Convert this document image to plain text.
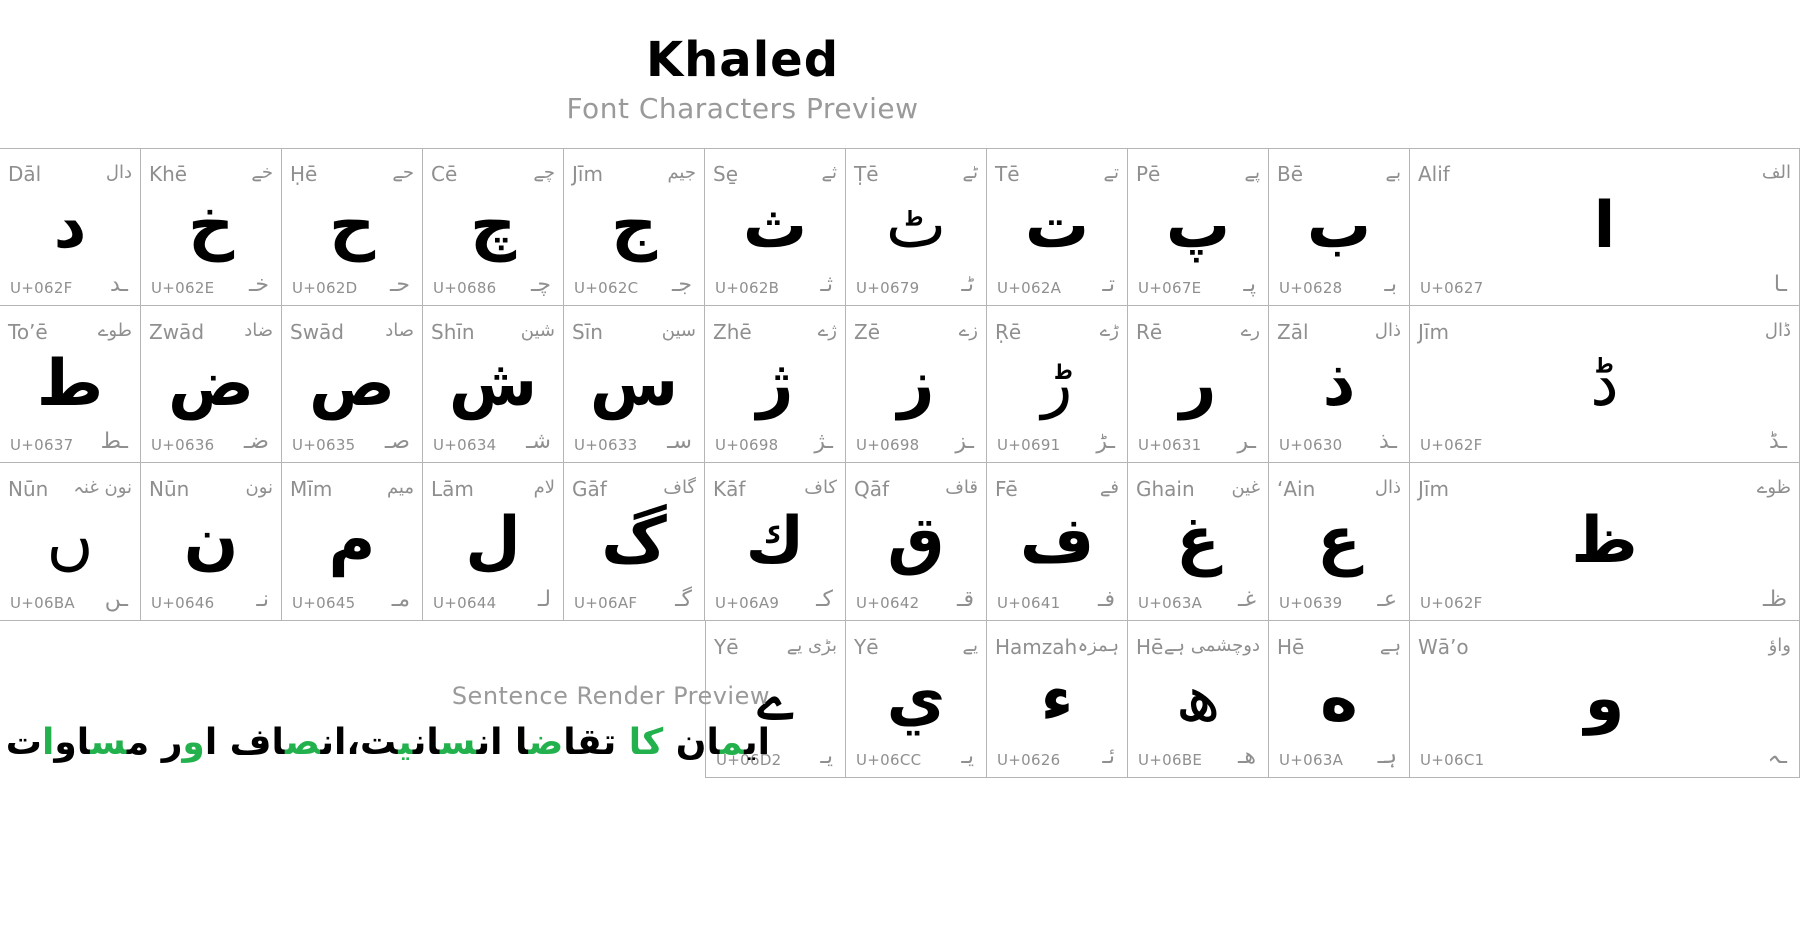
Khaled
Font Characters Preview
Dāl	دال
د
U+062F ـد
Khē	خے
خ
U+062E خـ
Ḥē	حے
ح
U+062D حـ
Cē	چے
چ
U+0686 چـ
Jīm	جیم
ج
U+062C جـ
Se̱	ثے
ث
U+062B ثـ
Ṭē	ٹے
ٹ
U+0679 ٹـ
Tē	تے
ت
U+062A تـ
Pē	پے
پ
U+067E پـ
Bē	بے
ب
U+0628 بـ
Alif	الف
ا
U+0627	ـا
To’ē	طوے
ط
U+0637 ـط
Zwād ضاد
ض
U+0636 ضـ
Swād صاد
ص
U+0635 صـ
Shīn	شین
ش
U+0634 شـ
Sīn	سین
س
U+0633 سـ
Zhē	ژے
ژ
U+0698 ـژ
Zē	زے
ز
U+0698 ـز
Ṛē	ڑے
ڑ
U+0691 ـڑ
Rē	رے
ر
U+0631 ـر
Zāl	ذال
ذ
U+0630 ـذ
Jīm	ڈال
ڈ
U+062F	ـڈ
Nūn نون غنہ
ں
U+06BA ـں
Nūn	نون
ن
U+0646 نـ
Mīm	میم
م
U+0645 مـ
Lām	لام
ل
U+0644 لـ
Gāf	گاف
گ
U+06AF گـ
Kāf	کاف
ك
U+06A9 کـ
Qāf	قاف
ق
U+0642 قـ
Fē	فے
ف
U+0641 فـ
Ghain غین
غ
U+063A غـ
‘Ain	ذال
ع
U+0639 عـ
Jīm	ظوے
ظ
U+062F	ظـ
Yē	بڑی یے
ے
U+06D2 یـ
Yē	یے
ي
U+06CC یـ
Hamzah ہمزہ
ء
U+0626 ئـ
Hē دوچشمی ہے
ھ
U+06BE ھـ
Hē	ہے
ه
U+063A ہـ
Wā’o	واؤ
و
U+06C1	ـہ
Sentence Render Preview
ايمان کا تقاضا انسانیت،انصاف اور مساوات
